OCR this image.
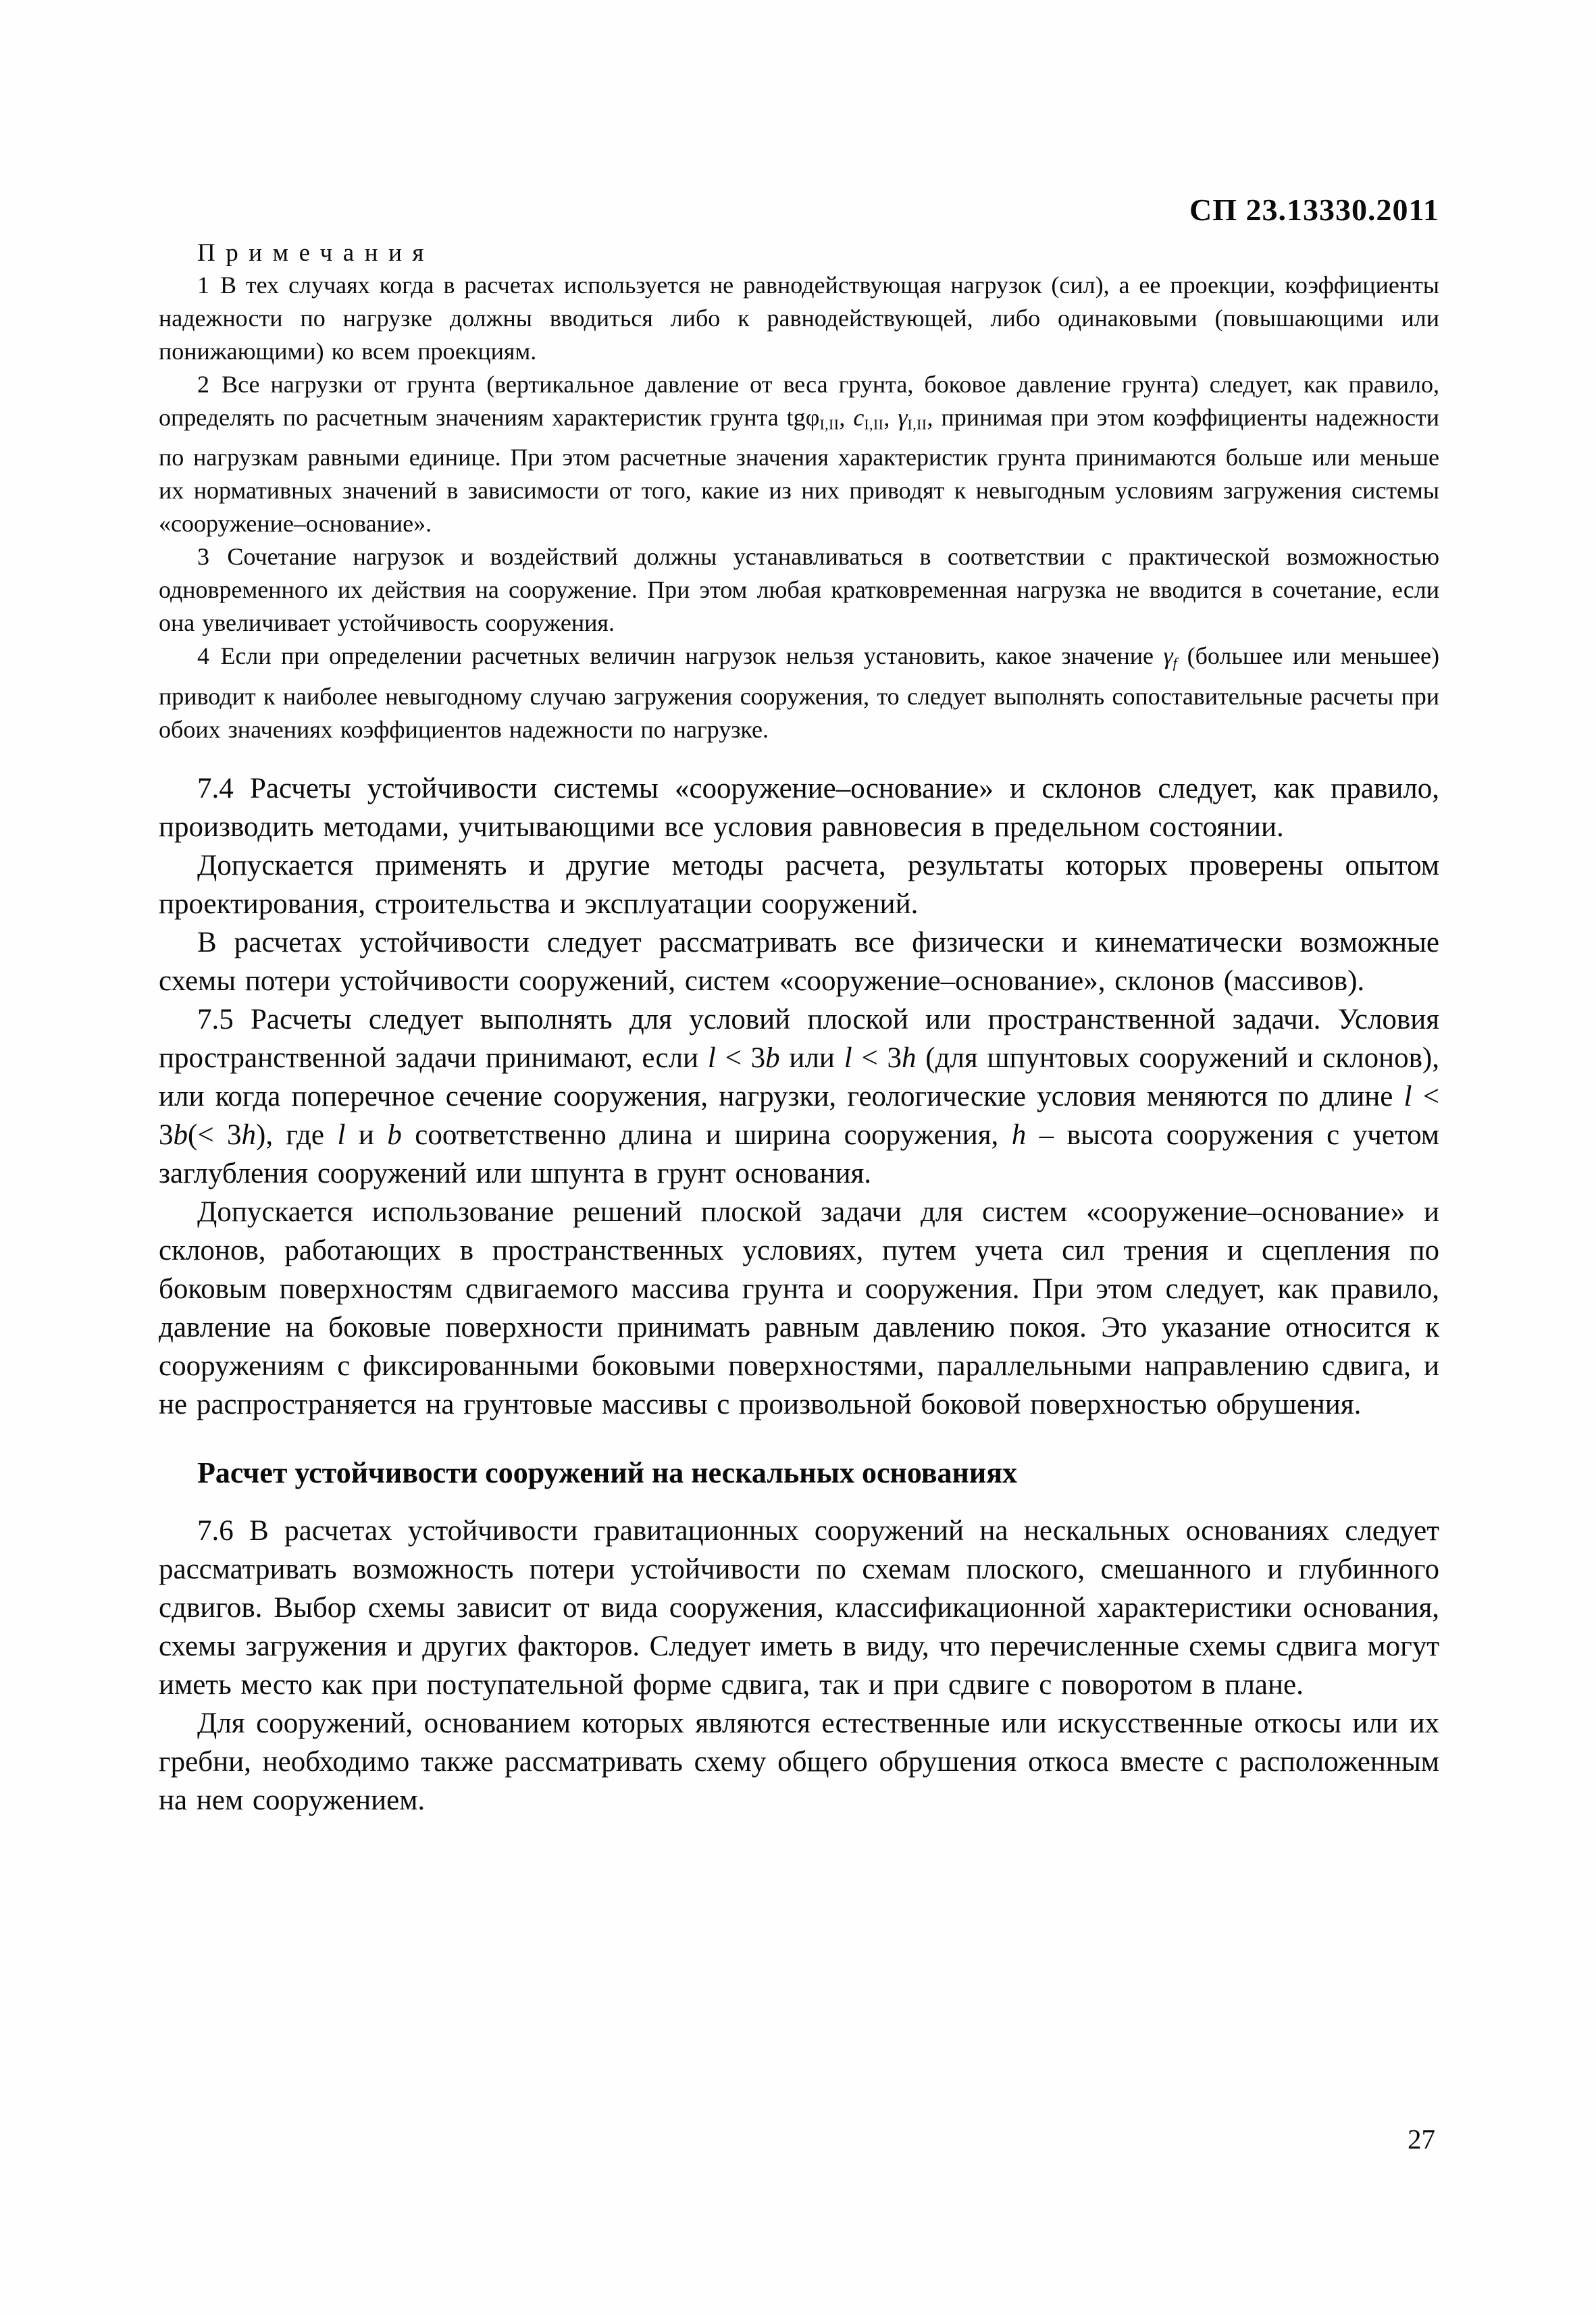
СП 23.13330.2011
Примечания

1 В тех случаях когда в расчетах используется не равнодействующая нагрузок (сил), а ее проекции, коэффициенты надежности по нагрузке должны вводиться либо к равнодействующей, либо одинаковыми (повышающими или понижающими) ко всем проекциям.

2 Все нагрузки от грунта (вертикальное давление от веса грунта, боковое давление грунта) следует, как правило, определять по расчетным значениям характеристик грунта tgφ$_{I,II}$, $c_{I,II}$, $\gamma_{I,II}$, принимая при этом коэффициенты надежности по нагрузкам равными единице. При этом расчетные значения характеристик грунта принимаются больше или меньше их нормативных значений в зависимости от того, какие из них приводят к невыгодным условиям загружения системы «сооружение–основание».

3 Сочетание нагрузок и воздействий должны устанавливаться в соответствии с практической возможностью одновременного их действия на сооружение. При этом любая кратковременная нагрузка не вводится в сочетание, если она увеличивает устойчивость сооружения.

4 Если при определении расчетных величин нагрузок нельзя установить, какое значение $\gamma_f$ (большее или меньшее) приводит к наиболее невыгодному случаю загружения сооружения, то следует выполнять сопоставительные расчеты при обоих значениях коэффициентов надежности по нагрузке.

7.4 Расчеты устойчивости системы «сооружение–основание» и склонов следует, как правило, производить методами, учитывающими все условия равновесия в предельном состоянии.

Допускается применять и другие методы расчета, результаты которых проверены опытом проектирования, строительства и эксплуатации сооружений.

В расчетах устойчивости следует рассматривать все физически и кинематически возможные схемы потери устойчивости сооружений, систем «сооружение–основание», склонов (массивов).

7.5 Расчеты следует выполнять для условий плоской или пространственной задачи. Условия пространственной задачи принимают, если l < 3b или l < 3h (для шпунтовых сооружений и склонов), или когда поперечное сечение сооружения, нагрузки, геологические условия меняются по длине l < 3b(< 3h), где l и b соответственно длина и ширина сооружения, h – высота сооружения с учетом заглубления сооружений или шпунта в грунт основания.

Допускается использование решений плоской задачи для систем «сооружение–основание» и склонов, работающих в пространственных условиях, путем учета сил трения и сцепления по боковым поверхностям сдвигаемого массива грунта и сооружения. При этом следует, как правило, давление на боковые поверхности принимать равным давлению покоя. Это указание относится к сооружениям с фиксированными боковыми поверхностями, параллельными направлению сдвига, и не распространяется на грунтовые массивы с произвольной боковой поверхностью обрушения.

Расчет устойчивости сооружений на нескальных основаниях

7.6 В расчетах устойчивости гравитационных сооружений на нескальных основаниях следует рассматривать возможность потери устойчивости по схемам плоского, смешанного и глубинного сдвигов. Выбор схемы зависит от вида сооружения, классификационной характеристики основания, схемы загружения и других факторов. Следует иметь в виду, что перечисленные схемы сдвига могут иметь место как при поступательной форме сдвига, так и при сдвиге с поворотом в плане.

Для сооружений, основанием которых являются естественные или искусственные откосы или их гребни, необходимо также рассматривать схему общего обрушения откоса вместе с расположенным на нем сооружением.

27
